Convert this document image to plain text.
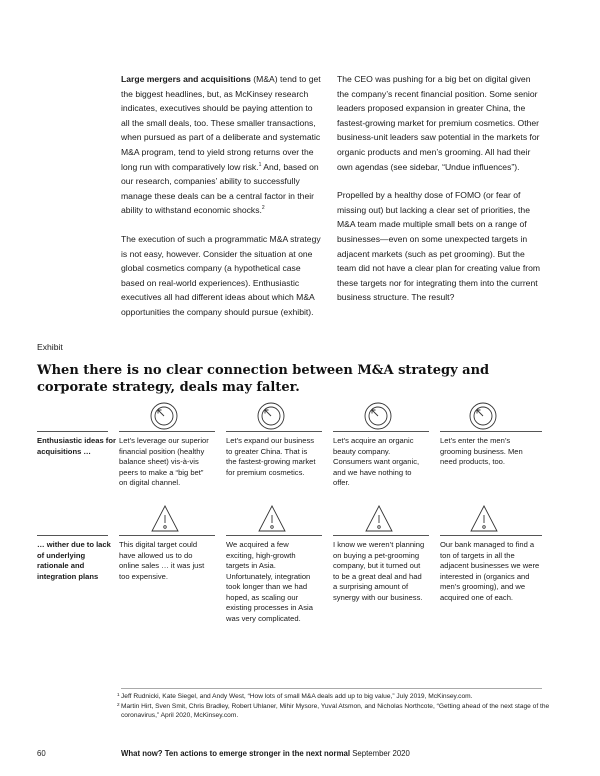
Large mergers and acquisitions (M&A) tend to get the biggest headlines, but, as McKinsey research indicates, executives should be paying attention to all the small deals, too. These smaller transactions, when pursued as part of a deliberate and systematic M&A program, tend to yield strong returns over the long run with comparatively low risk.$^1$ And, based on our research, companies’ ability to successfully manage these deals can be a central factor in their ability to withstand economic shocks.$^2$

The execution of such a programmatic M&A strategy is not easy, however. Consider the situation at one global cosmetics company (a hypothetical case based on real-world experiences). Enthusiastic executives all had different ideas about which M&A opportunities the company should pursue (exhibit).

The CEO was pushing for a big bet on digital given the company’s recent financial position. Some senior leaders proposed expansion in greater China, the fastest-growing market for premium cosmetics. Other business-unit leaders saw potential in the markets for organic products and men’s grooming. All had their own agendas (see sidebar, “Undue influences”).

Propelled by a healthy dose of FOMO (or fear of missing out) but lacking a clear set of priorities, the M&A team made multiple small bets on a range of businesses—even on some unexpected targets in adjacent markets (such as pet grooming). But the team did not have a clear plan for creating value from these targets nor for integrating them into the current business structure. The result?

Exhibit
When there is no clear connection between M&A strategy and corporate strategy, deals may falter.
Enthusiastic ideas for acquisitions …
Let’s leverage our superior financial position (healthy balance sheet) vis-à-vis peers to make a “big bet” on digital channel.
Let’s expand our business to greater China. That is the fastest-growing market for premium cosmetics.
Let’s acquire an organic beauty company. Consumers want organic, and we have nothing to offer.
Let’s enter the men’s grooming business. Men need products, too.
… wither due to lack of underlying rationale and integration plans
This digital target could have allowed us to do online sales … it was just too expensive.
We acquired a few exciting, high-growth targets in Asia. Unfortunately, integration took longer than we had hoped, as scaling our existing processes in Asia was very complicated.
I know we weren’t planning on buying a pet-grooming company, but it turned out to be a great deal and had a surprising amount of synergy with our business.
Our bank managed to find a ton of targets in all the adjacent businesses we were interested in (organics and men’s grooming), and we acquired one of each.
1 Jeff Rudnicki, Kate Siegel, and Andy West, “How lots of small M&A deals add up to big value,” July 2019, McKinsey.com.
2 Martin Hirt, Sven Smit, Chris Bradley, Robert Uhlaner, Mihir Mysore, Yuval Atsmon, and Nicholas Northcote, “Getting ahead of the next stage of the coronavirus,” April 2020, McKinsey.com.
60	What now? Ten actions to emerge stronger in the next normal September 2020
